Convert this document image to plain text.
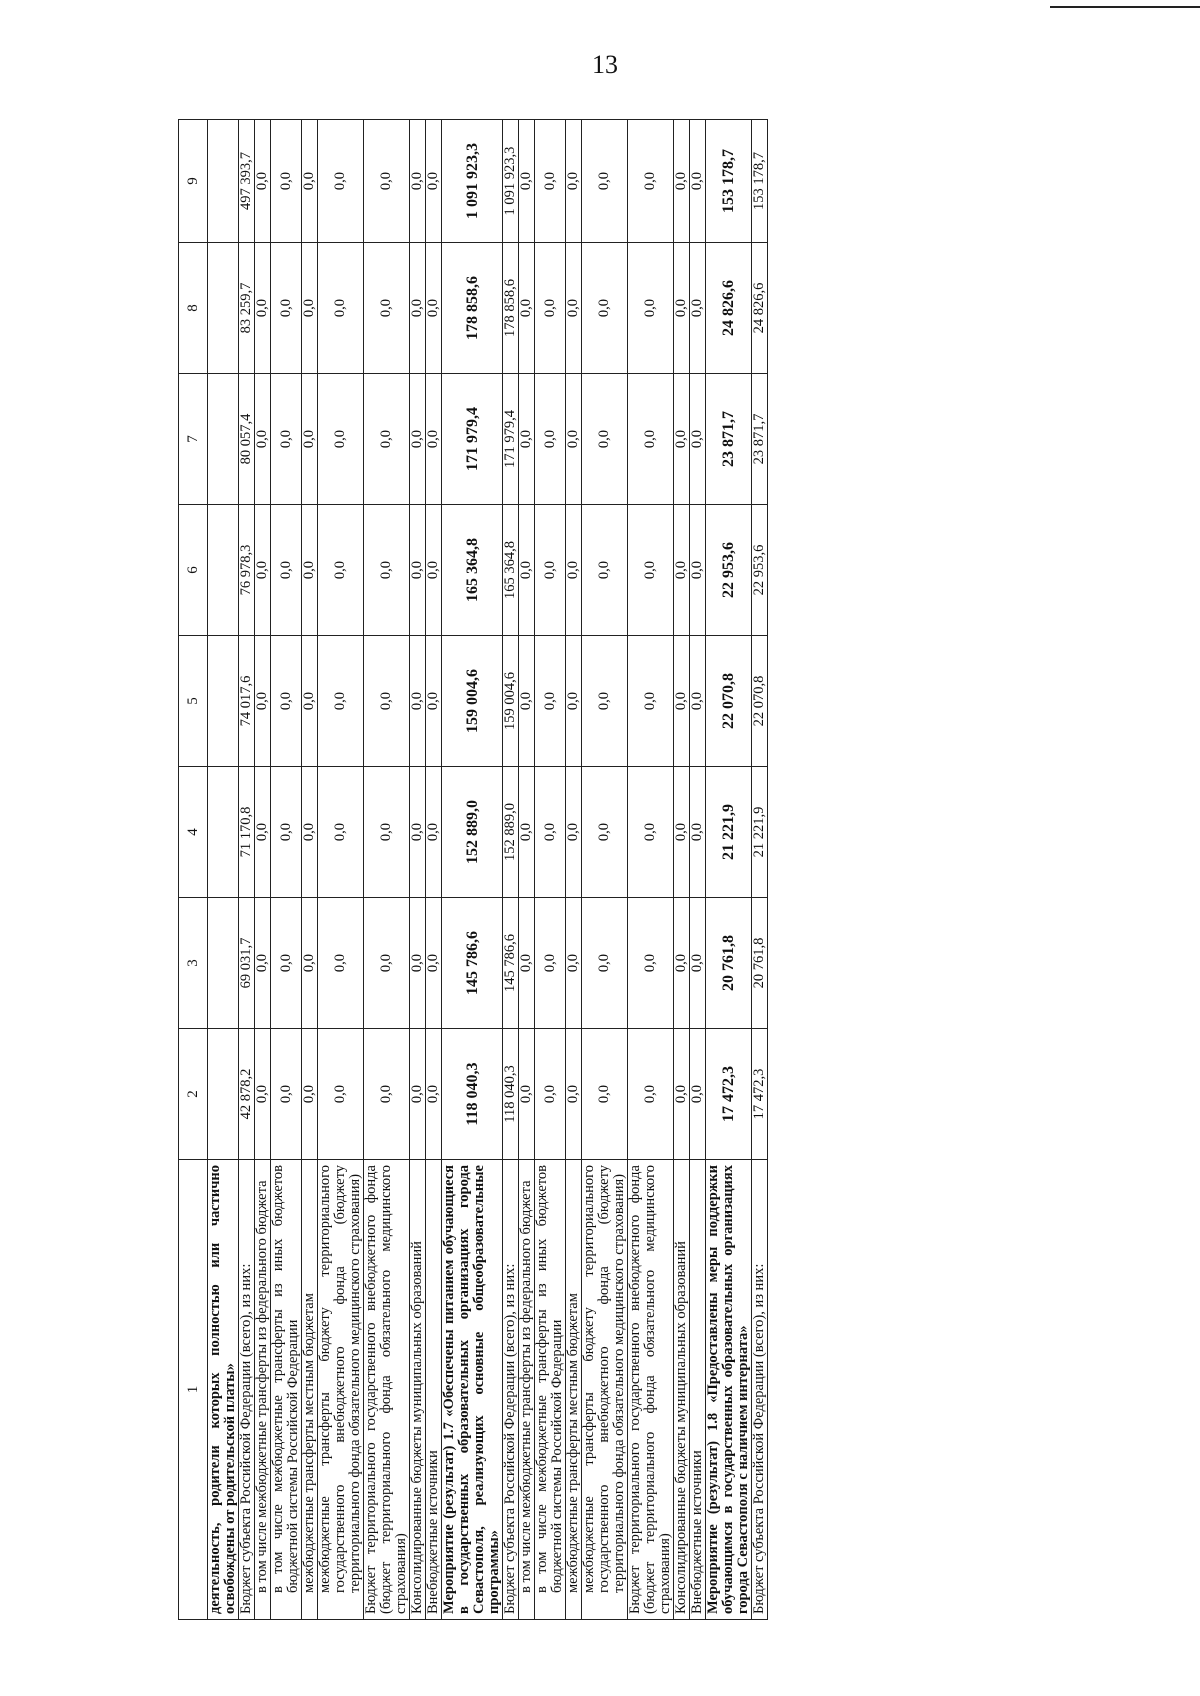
13
1	2	3	4	5	6	7	8	9
деятельность, родители которых полностью или частично освобождены от родительской платы»								
Бюджет субъекта Российской Федерации (всего), из них:	42 878,2	69 031,7	71 170,8	74 017,6	76 978,3	80 057,4	83 259,7	497 393,7
в том числе межбюджетные трансферты из федерального бюджета	0,0	0,0	0,0	0,0	0,0	0,0	0,0	0,0
в том числе межбюджетные трансферты из иных бюджетов бюджетной системы Российской Федерации	0,0	0,0	0,0	0,0	0,0	0,0	0,0	0,0
межбюджетные трансферты местным бюджетам	0,0	0,0	0,0	0,0	0,0	0,0	0,0	0,0
межбюджетные трансферты бюджету территориального государственного внебюджетного фонда (бюджету территориального фонда обязательного медицинского страхования)	0,0	0,0	0,0	0,0	0,0	0,0	0,0	0,0
Бюджет территориального государственного внебюджетного фонда (бюджет территориального фонда обязательного медицинского страхования)	0,0	0,0	0,0	0,0	0,0	0,0	0,0	0,0
Консолидированные бюджеты муниципальных образований	0,0	0,0	0,0	0,0	0,0	0,0	0,0	0,0
Внебюджетные источники	0,0	0,0	0,0	0,0	0,0	0,0	0,0	0,0
Мероприятие (результат) 1.7 «Обеспечены питанием обучающиеся в государственных образовательных организациях города Севастополя, реализующих основные общеобразовательные программы»	118 040,3	145 786,6	152 889,0	159 004,6	165 364,8	171 979,4	178 858,6	1 091 923,3
Бюджет субъекта Российской Федерации (всего), из них:	118 040,3	145 786,6	152 889,0	159 004,6	165 364,8	171 979,4	178 858,6	1 091 923,3
в том числе межбюджетные трансферты из федерального бюджета	0,0	0,0	0,0	0,0	0,0	0,0	0,0	0,0
в том числе межбюджетные трансферты из иных бюджетов бюджетной системы Российской Федерации	0,0	0,0	0,0	0,0	0,0	0,0	0,0	0,0
межбюджетные трансферты местным бюджетам	0,0	0,0	0,0	0,0	0,0	0,0	0,0	0,0
межбюджетные трансферты бюджету территориального государственного внебюджетного фонда (бюджету территориального фонда обязательного медицинского страхования)	0,0	0,0	0,0	0,0	0,0	0,0	0,0	0,0
Бюджет территориального государственного внебюджетного фонда (бюджет территориального фонда обязательного медицинского страхования)	0,0	0,0	0,0	0,0	0,0	0,0	0,0	0,0
Консолидированные бюджеты муниципальных образований	0,0	0,0	0,0	0,0	0,0	0,0	0,0	0,0
Внебюджетные источники	0,0	0,0	0,0	0,0	0,0	0,0	0,0	0,0
Мероприятие (результат) 1.8 «Предоставлены меры поддержки обучающимся в государственных образовательных организациях города Севастополя с наличием интерната»	17 472,3	20 761,8	21 221,9	22 070,8	22 953,6	23 871,7	24 826,6	153 178,7
Бюджет субъекта Российской Федерации (всего), из них:	17 472,3	20 761,8	21 221,9	22 070,8	22 953,6	23 871,7	24 826,6	153 178,7
